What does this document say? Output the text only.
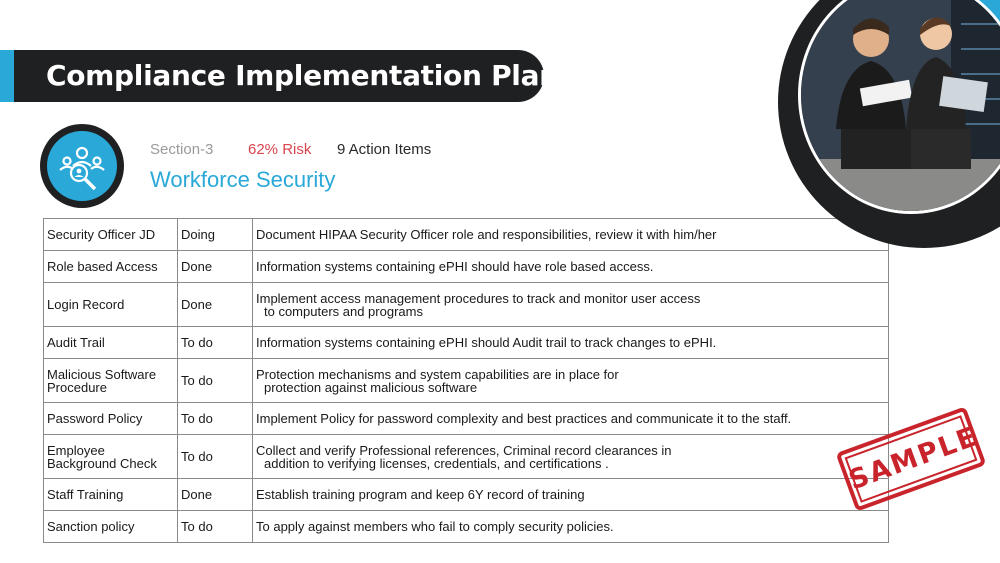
Compliance Implementation Plan
Section-3 62% Risk 9 Action Items
Workforce Security
Security Officer JD	Doing	Document HIPAA Security Officer role and responsibilities, review it with him/her

Role based Access	Done	Information systems containing ePHI should have role based access.

Login Record	Done	Implement access management procedures to track and monitor user access
to computers and programs

Audit Trail	To do	Information systems containing ePHI should Audit trail to track changes to ePHI.

Malicious Software Procedure	To do	Protection mechanisms and system capabilities are in place for
protection against malicious software

Password Policy	To do	Implement Policy for password complexity and best practices and communicate it to the staff.

Employee Background Check	To do	Collect and verify Professional references, Criminal record clearances in
addition to verifying licenses, credentials, and certifications .

Staff Training	Done	Establish training program and keep 6Y record of training

Sanction policy	To do	To apply against members who fail to comply security policies.
SAMPLE
